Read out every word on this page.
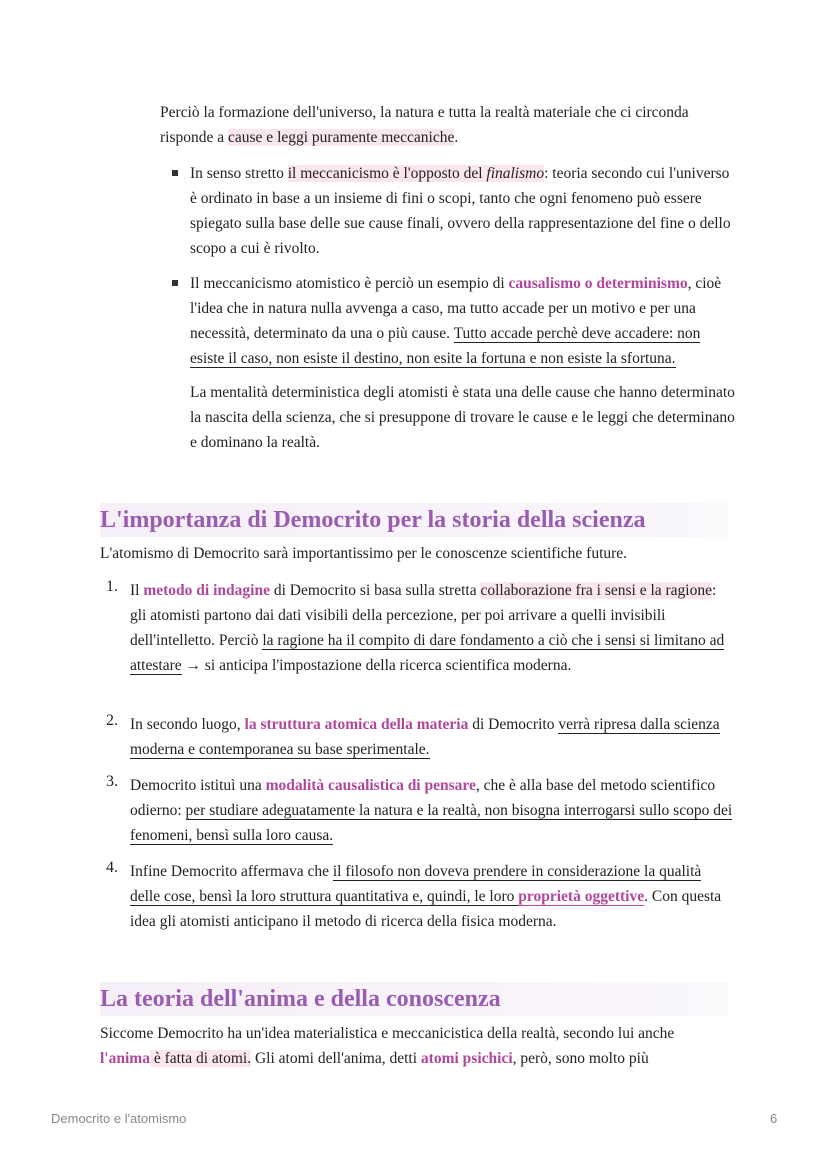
Perciò la formazione dell'universo, la natura e tutta la realtà materiale che ci circonda risponde a cause e leggi puramente meccaniche.

In senso stretto il meccanicismo è l'opposto del finalismo: teoria secondo cui l'universo è ordinato in base a un insieme di fini o scopi, tanto che ogni fenomeno può essere spiegato sulla base delle sue cause finali, ovvero della rappresentazione del fine o dello scopo a cui è rivolto.

Il meccanicismo atomistico è perciò un esempio di causalismo o determinismo, cioè l'idea che in natura nulla avvenga a caso, ma tutto accade per un motivo e per una necessità, determinato da una o più cause. Tutto accade perchè deve accadere: non esiste il caso, non esiste il destino, non esite la fortuna e non esiste la sfortuna.

La mentalità deterministica degli atomisti è stata una delle cause che hanno determinato la nascita della scienza, che si presuppone di trovare le cause e le leggi che determinano e dominano la realtà.

L'importanza di Democrito per la storia della scienza

L'atomismo di Democrito sarà importantissimo per le conoscenze scientifiche future.

1. Il metodo di indagine di Democrito si basa sulla stretta collaborazione fra i sensi e la ragione: gli atomisti partono dai dati visibili della percezione, per poi arrivare a quelli invisibili dell'intelletto. Perciò la ragione ha il compito di dare fondamento a ciò che i sensi si limitano ad attestare → si anticipa l'impostazione della ricerca scientifica moderna.

2. In secondo luogo, la struttura atomica della materia di Democrito verrà ripresa dalla scienza moderna e contemporanea su base sperimentale.

3. Democrito istituì una modalità causalistica di pensare, che è alla base del metodo scientifico odierno: per studiare adeguatamente la natura e la realtà, non bisogna interrogarsi sullo scopo dei fenomeni, bensì sulla loro causa.

4. Infine Democrito affermava che il filosofo non doveva prendere in considerazione la qualità delle cose, bensì la loro struttura quantitativa e, quindi, le loro proprietà oggettive. Con questa idea gli atomisti anticipano il metodo di ricerca della fisica moderna.

La teoria dell'anima e della conoscenza

Siccome Democrito ha un'idea materialistica e meccanicistica della realtà, secondo lui anche l'anima è fatta di atomi. Gli atomi dell'anima, detti atomi psichici, però, sono molto più

Democrito e l'atomismo	6
